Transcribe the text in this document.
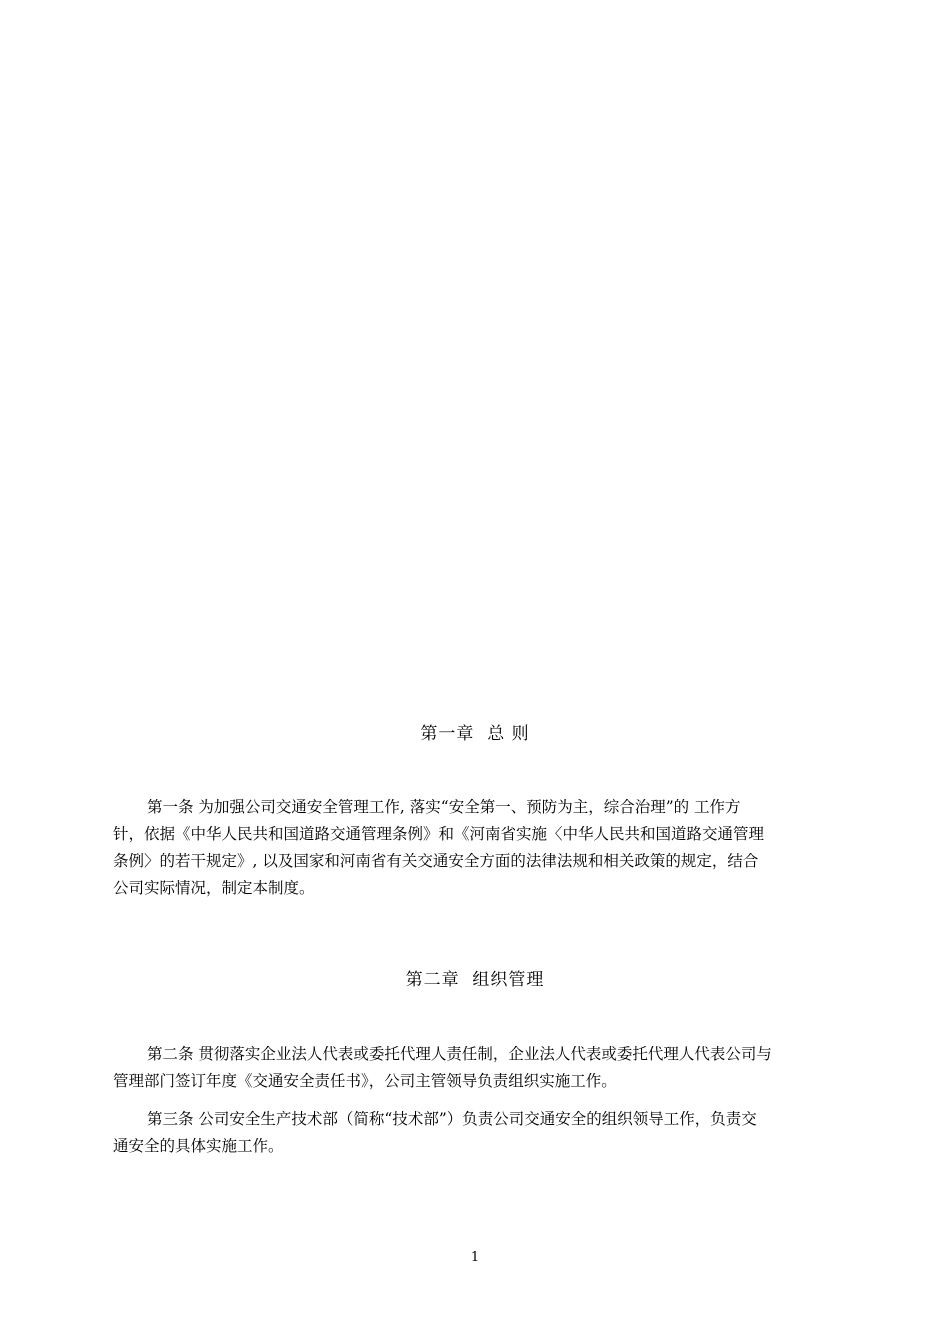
第一章  总 则
第一条 为加强公司交通安全管理工作, 落实“安全第一、预防为主，综合治理”的 工作方
针，依据《中华人民共和国道路交通管理条例》和《河南省实施〈中华人民共和国道路交通管理
条例〉的若干规定》, 以及国家和河南省有关交通安全方面的法律法规和相关政策的规定，结合
公司实际情况，制定本制度。
第二章  组织管理
第二条 贯彻落实企业法人代表或委托代理人责任制，企业法人代表或委托代理人代表公司与
管理部门签订年度《交通安全责任书》，公司主管领导负责组织实施工作。
第三条 公司安全生产技术部（简称“技术部”）负责公司交通安全的组织领导工作，负责交
通安全的具体实施工作。
1
